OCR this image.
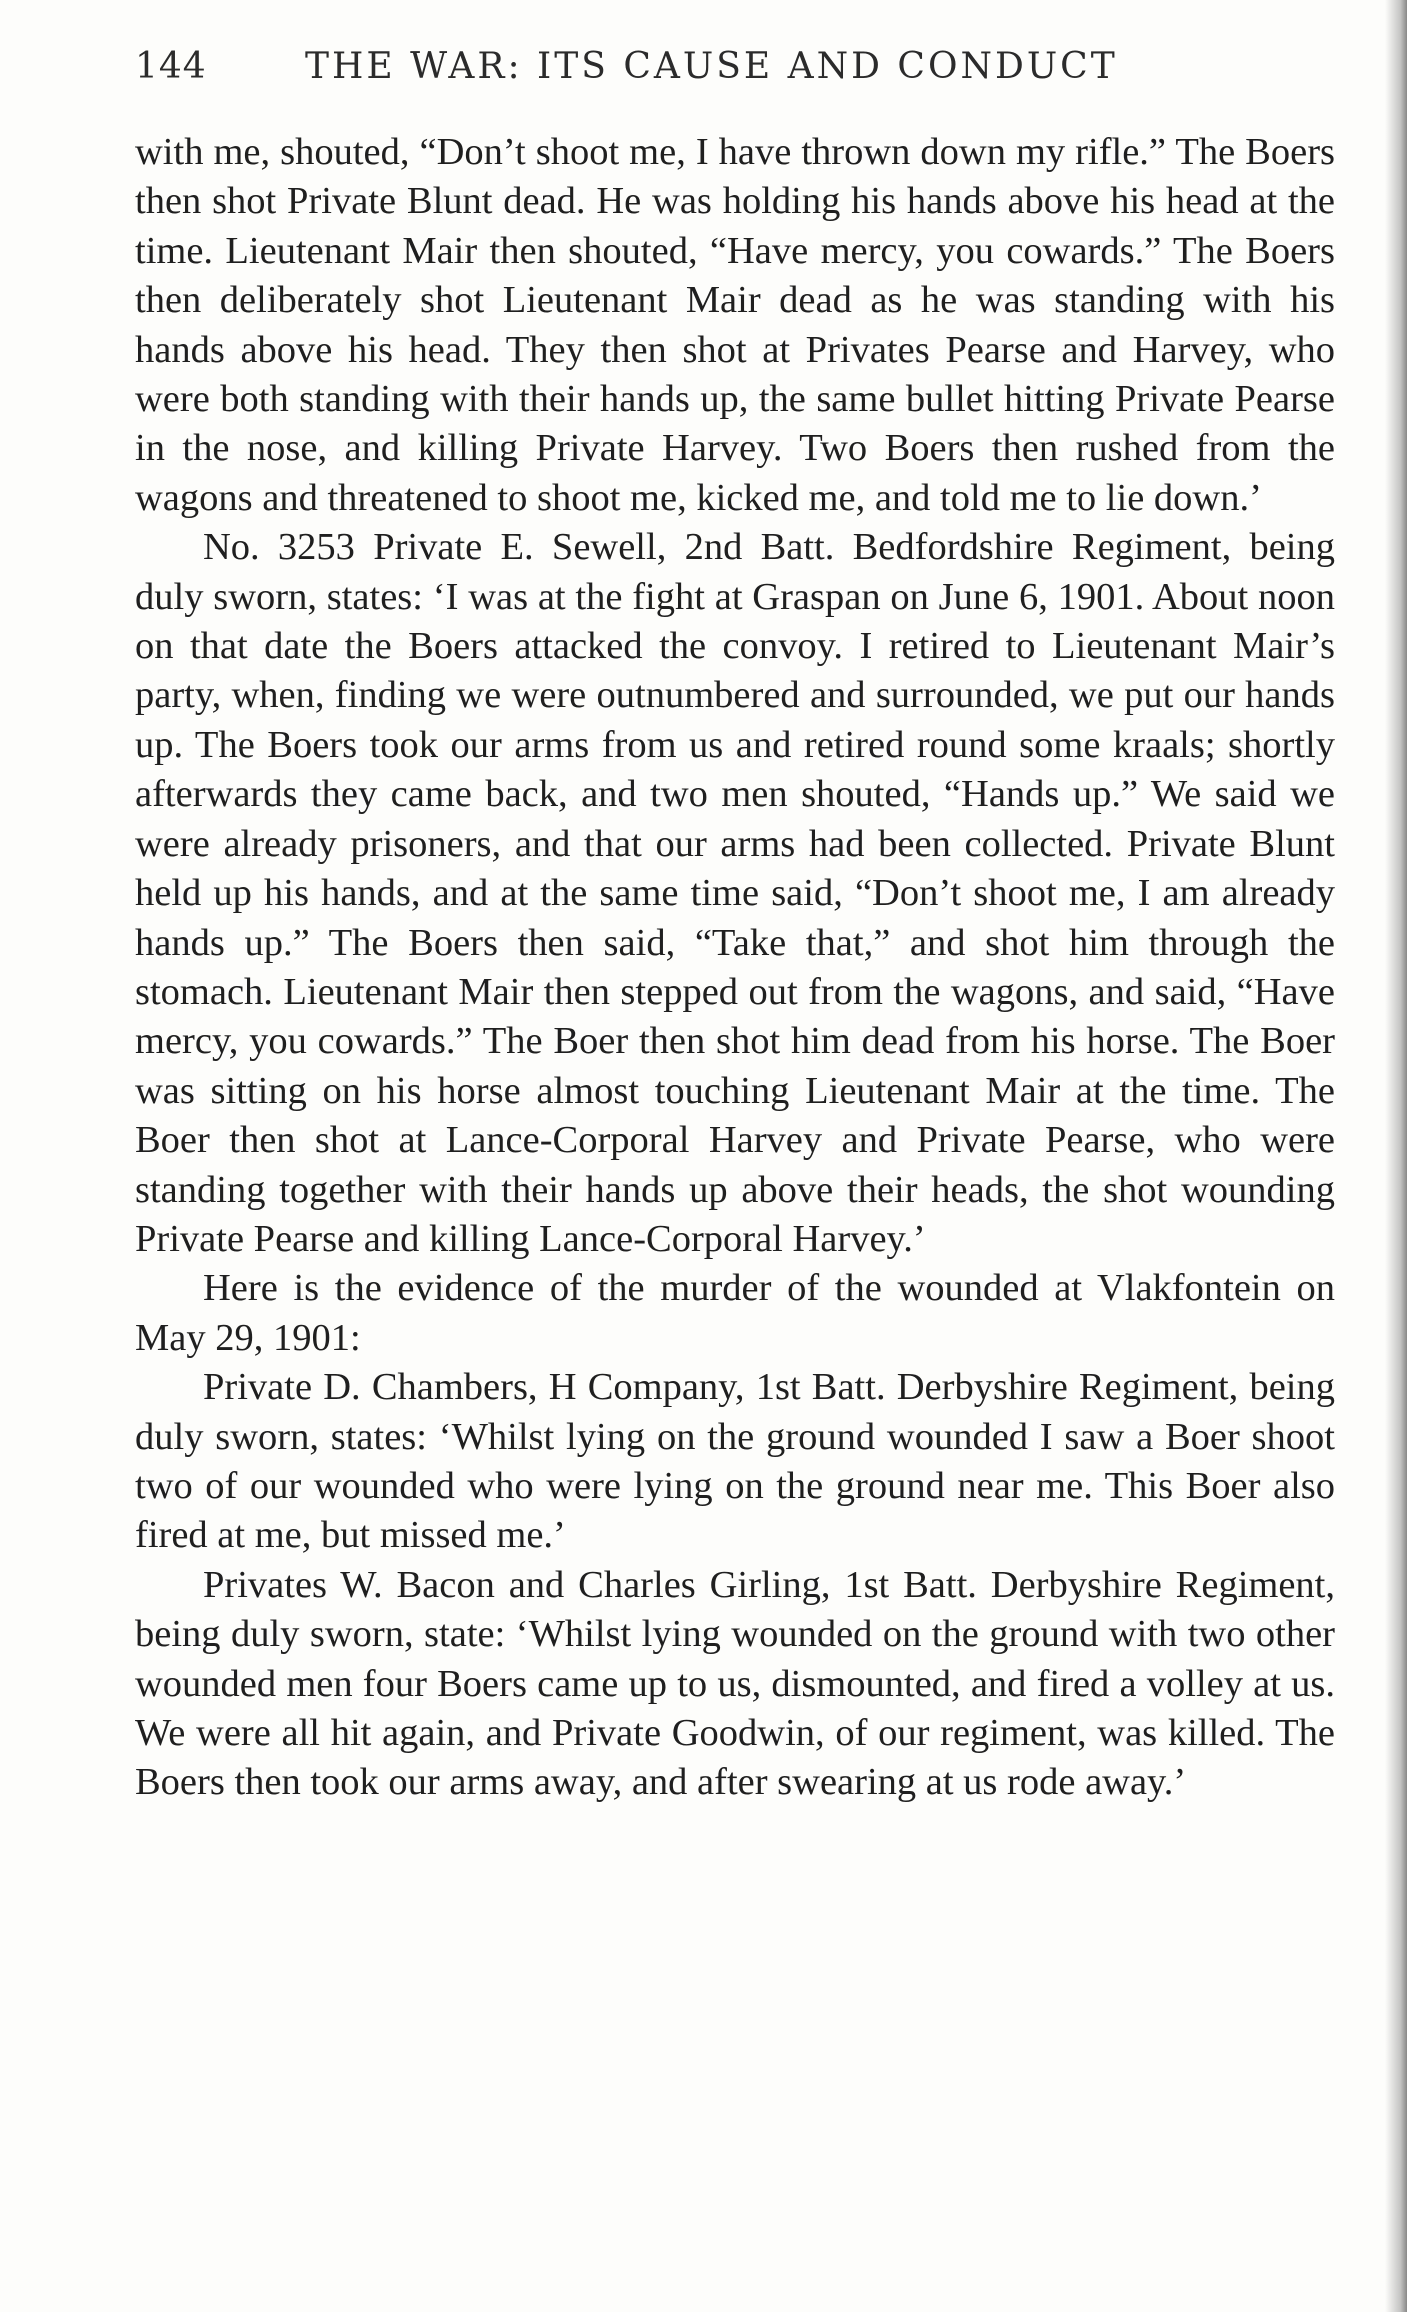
144	THE WAR: ITS CAUSE AND CONDUCT

with me, shouted, “Don’t shoot me, I have thrown down my rifle.” The Boers then shot Private Blunt dead. He was holding his hands above his head at the time. Lieutenant Mair then shouted, “Have mercy, you cowards.” The Boers then deliberately shot Lieutenant Mair dead as he was standing with his hands above his head. They then shot at Privates Pearse and Harvey, who were both standing with their hands up, the same bullet hitting Private Pearse in the nose, and killing Private Harvey. Two Boers then rushed from the wagons and threatened to shoot me, kicked me, and told me to lie down.’

No. 3253 Private E. Sewell, 2nd Batt. Bedfordshire Regiment, being duly sworn, states: ‘I was at the fight at Graspan on June 6, 1901. About noon on that date the Boers attacked the convoy. I retired to Lieutenant Mair’s party, when, finding we were outnumbered and surrounded, we put our hands up. The Boers took our arms from us and retired round some kraals; shortly afterwards they came back, and two men shouted, “Hands up.” We said we were already prisoners, and that our arms had been collected. Private Blunt held up his hands, and at the same time said, “Don’t shoot me, I am already hands up.” The Boers then said, “Take that,” and shot him through the stomach. Lieutenant Mair then stepped out from the wagons, and said, “Have mercy, you cowards.” The Boer then shot him dead from his horse. The Boer was sitting on his horse almost touching Lieutenant Mair at the time. The Boer then shot at Lance-Corporal Harvey and Private Pearse, who were standing together with their hands up above their heads, the shot wounding Private Pearse and killing Lance-Corporal Harvey.’

Here is the evidence of the murder of the wounded at Vlakfontein on May 29, 1901:

Private D. Chambers, H Company, 1st Batt. Derbyshire Regiment, being duly sworn, states: ‘Whilst lying on the ground wounded I saw a Boer shoot two of our wounded who were lying on the ground near me. This Boer also fired at me, but missed me.’

Privates W. Bacon and Charles Girling, 1st Batt. Derbyshire Regiment, being duly sworn, state: ‘Whilst lying wounded on the ground with two other wounded men four Boers came up to us, dismounted, and fired a volley at us. We were all hit again, and Private Goodwin, of our regiment, was killed. The Boers then took our arms away, and after swearing at us rode away.’
